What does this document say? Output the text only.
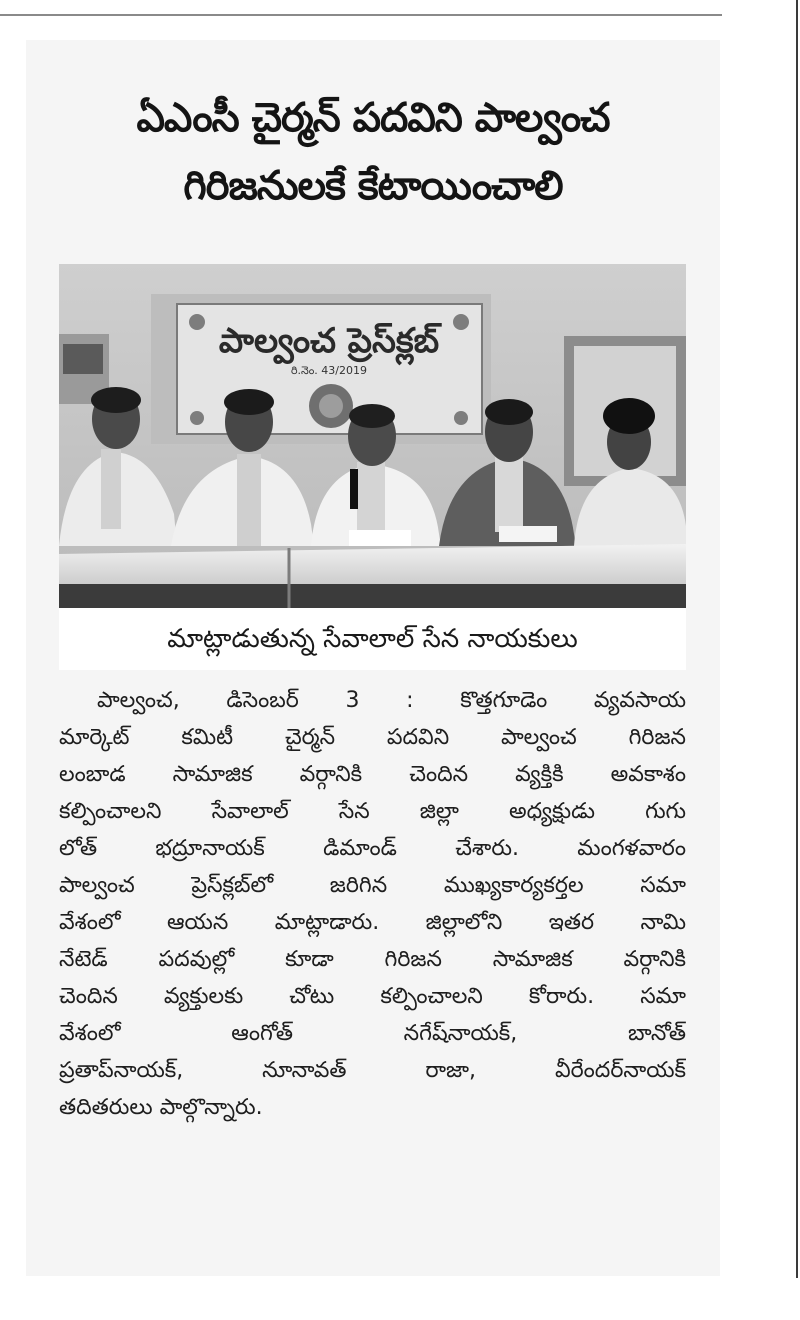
ఏఎంసీ చైర్మన్ పదవిని పాల్వంచ
గిరిజనులకే కేటాయించాలి
పాల్వంచ ప్రెస్‌క్లబ్
రి.నెం. 43/2019
మాట్లాడుతున్న సేవాలాల్ సేన నాయకులు
పాల్వంచ, డిసెంబర్ 3 : కొత్తగూడెం వ్యవసాయ
మార్కెట్ కమిటీ చైర్మన్ పదవిని పాల్వంచ గిరిజన
లంబాడ సామాజిక వర్గానికి చెందిన వ్యక్తికి అవకాశం
కల్పించాలని సేవాలాల్ సేన జిల్లా అధ్యక్షుడు గుగు
లోత్ భద్రూనాయక్ డిమాండ్ చేశారు. మంగళవారం
పాల్వంచ ప్రెస్‌క్లబ్‌లో జరిగిన ముఖ్యకార్యకర్తల సమా
వేశంలో ఆయన మాట్లాడారు. జిల్లాలోని ఇతర నామి
నేటెడ్ పదవుల్లో కూడా గిరిజన సామాజిక వర్గానికి
చెందిన వ్యక్తులకు చోటు కల్పించాలని కోరారు. సమా
వేశంలో ఆంగోత్ నగేష్‌నాయక్, బానోత్
ప్రతాప్‌నాయక్, నూనావత్ రాజా, వీరేందర్‌నాయక్
తదితరులు పాల్గొన్నారు.
